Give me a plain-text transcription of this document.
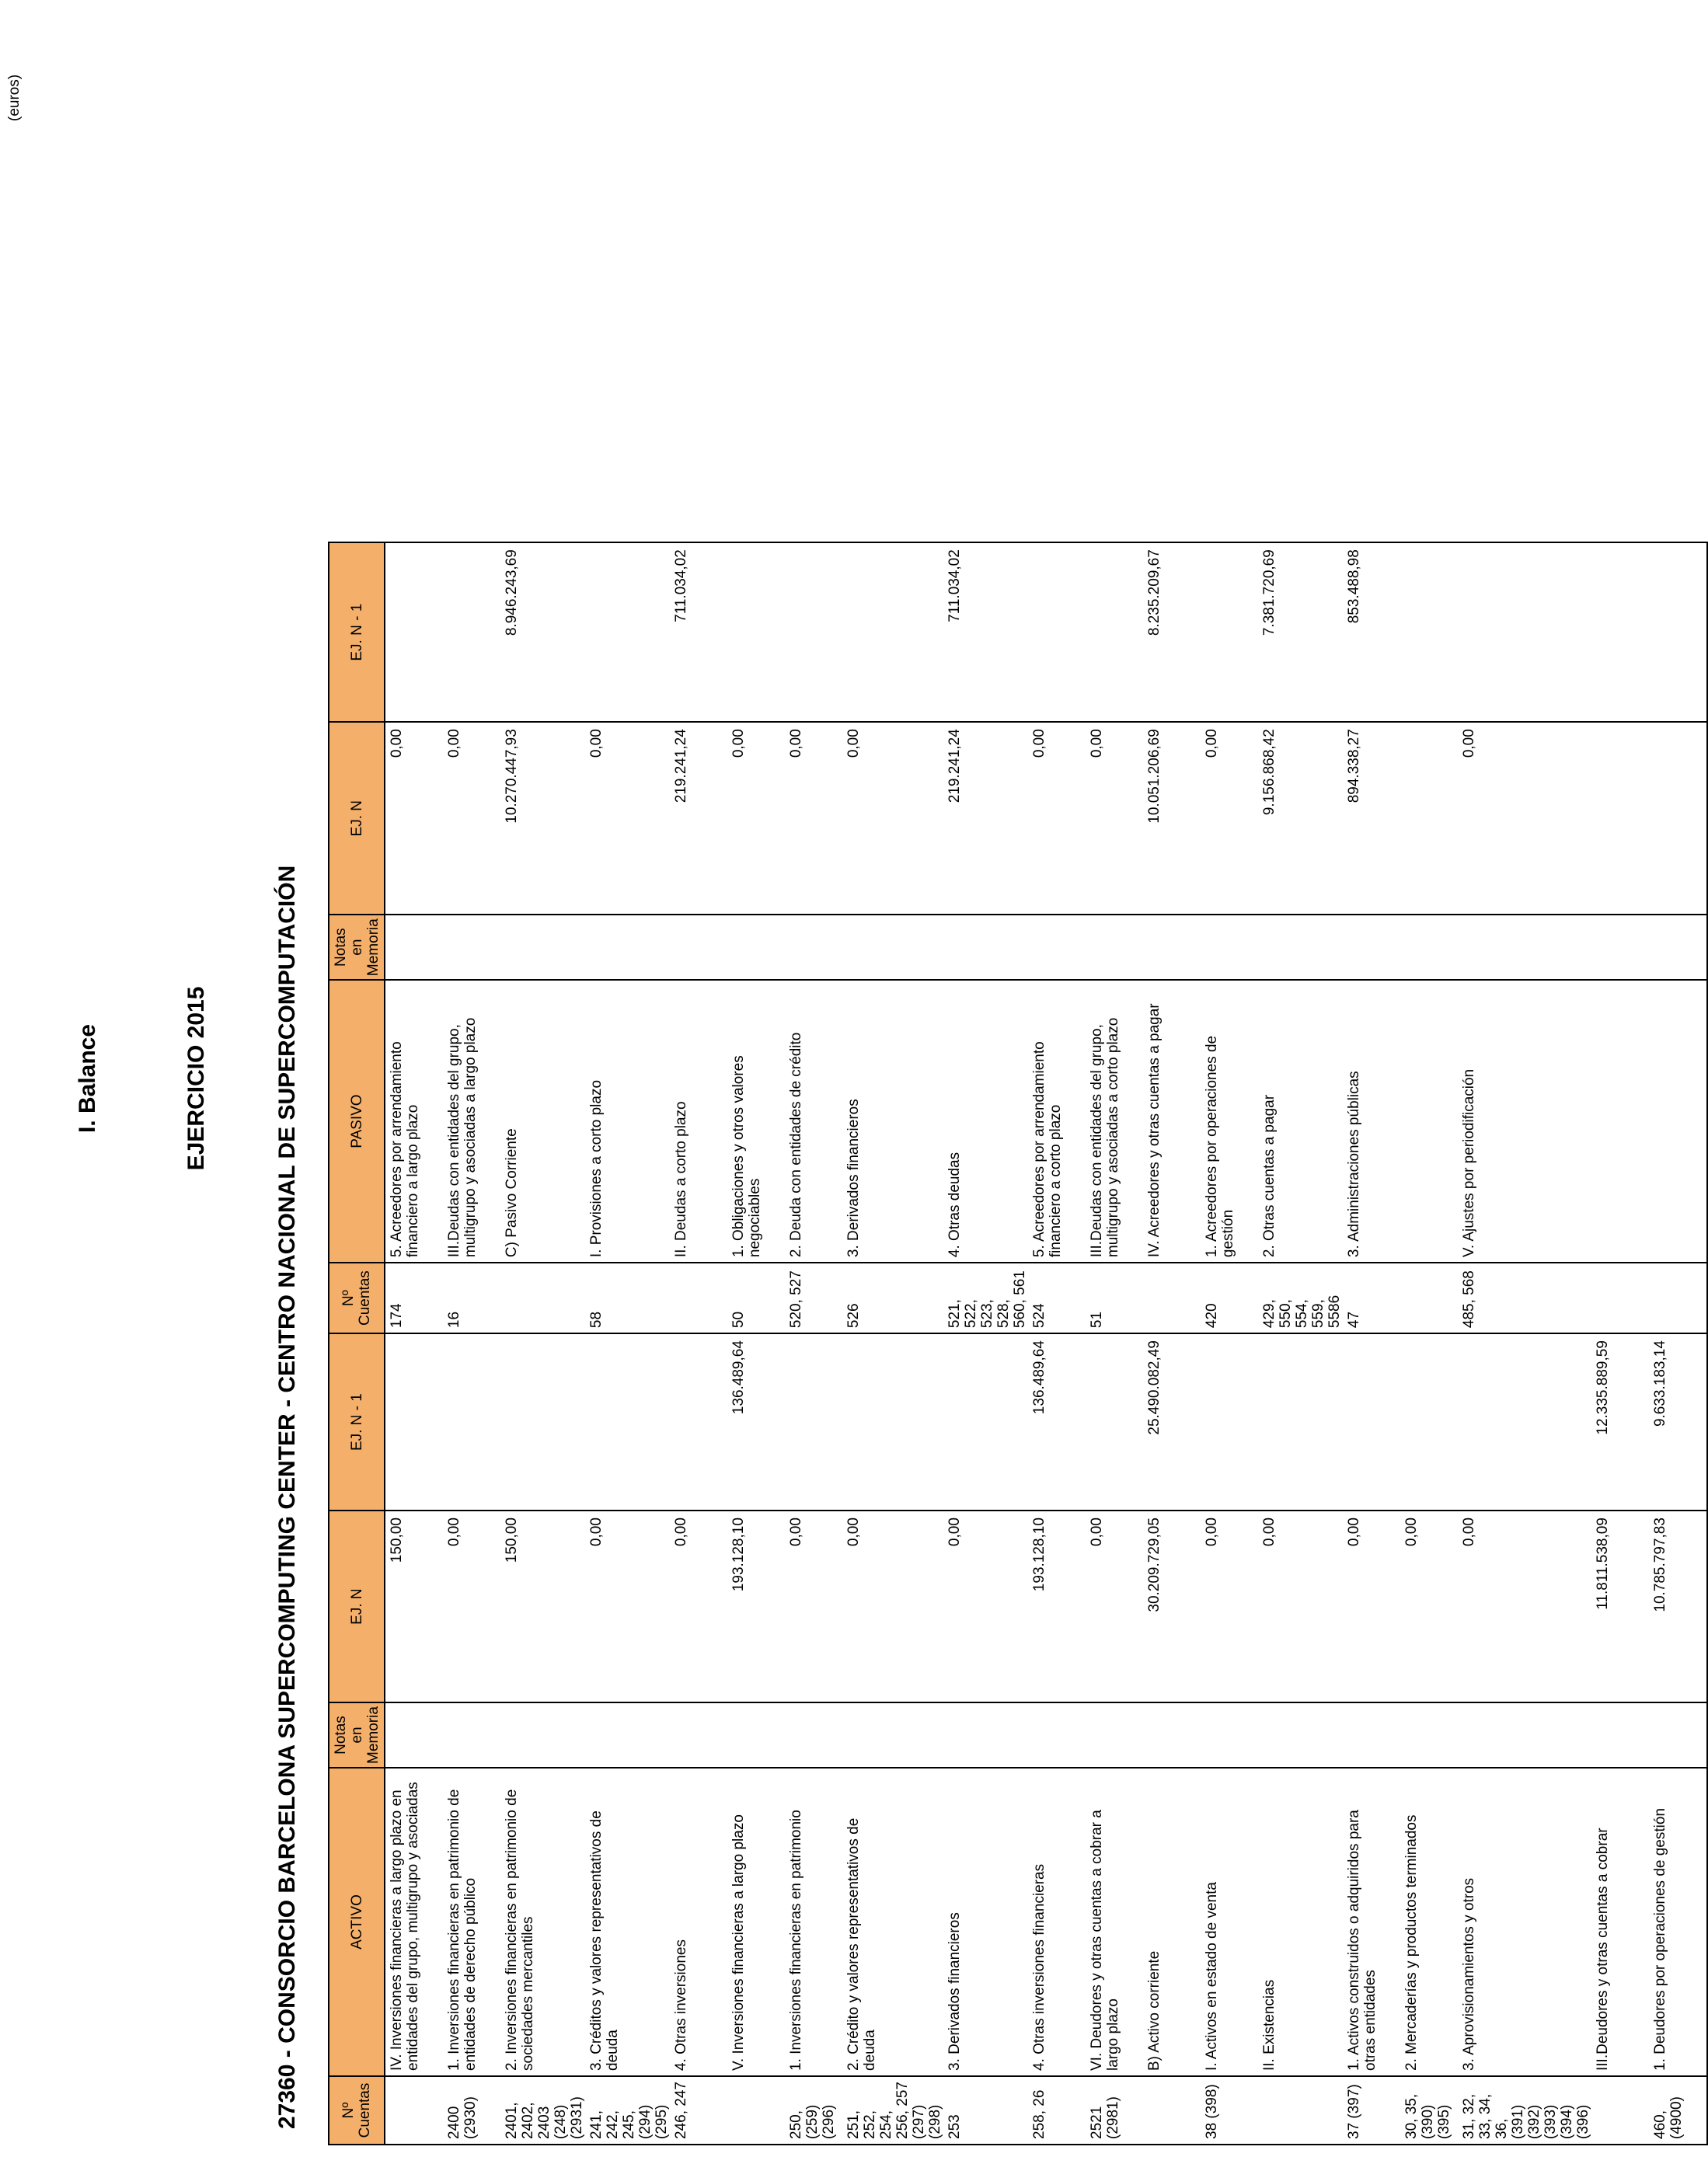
(euros)
I. Balance	EJERCICIO 2015	27360 - CONSORCIO BARCELONA SUPERCOMPUTING CENTER - CENTRO NACIONAL DE SUPERCOMPUTACIÓN	Nº Cuentas	ACTIVO	Notas en Memoria	EJ. N	EJ. N - 1	Nº Cuentas	PASIVO	Notas en Memoria	EJ. N	EJ. N - 1
	IV. Inversiones financieras a largo plazo en entidades del grupo, multigrupo y asociadas		150,00		174	5. Acreedores por arrendamiento financiero a largo plazo		0,00	
2400 (2930)	1. Inversiones financieras en patrimonio de entidades de derecho público		0,00		16	III.Deudas con entidades del grupo, multigrupo y asociadas a largo plazo		0,00	
2401, 2402, 2403 (248) (2931)	2. Inversiones financieras en patrimonio de sociedades mercantiles		150,00			C) Pasivo Corriente		10.270.447,93	8.946.243,69
241, 242, 245, (294) (295)	3. Créditos y valores representativos de deuda		0,00		58	I. Provisiones a corto plazo		0,00	
246, 247	4. Otras inversiones		0,00			II. Deudas a corto plazo		219.241,24	711.034,02
	V. Inversiones financieras a largo plazo		193.128,10	136.489,64	50	1. Obligaciones y otros valores negociables		0,00	
250, (259) (296)	1. Inversiones financieras en patrimonio		0,00		520, 527	2. Deuda con entidades de crédito		0,00	
251, 252, 254, 256, 257 (297) (298)	2. Crédito y valores representativos de deuda		0,00		526	3. Derivados financieros		0,00	
253	3. Derivados financieros		0,00		521, 522, 523, 528, 560, 561	4. Otras deudas		219.241,24	711.034,02
258, 26	4. Otras inversiones financieras		193.128,10	136.489,64	524	5. Acreedores por arrendamiento financiero a corto plazo		0,00	
2521 (2981)	VI. Deudores y otras cuentas a cobrar a largo plazo		0,00		51	III.Deudas con entidades del grupo, multigrupo y asociadas a corto plazo		0,00	
	B) Activo corriente		30.209.729,05	25.490.082,49		IV. Acreedores y otras cuentas a pagar		10.051.206,69	8.235.209,67
38 (398)	I. Activos en estado de venta		0,00		420	1. Acreedores por operaciones de gestión		0,00	
	II. Existencias		0,00		429, 550, 554, 559, 5586	2. Otras cuentas a pagar		9.156.868,42	7.381.720,69
37 (397)	1. Activos construidos o adquiridos para otras entidades		0,00		47	3. Administraciones públicas		894.338,27	853.488,98
30, 35, (390) (395)	2. Mercaderías y productos terminados		0,00						
31, 32, 33, 34, 36, (391) (392) (393) (394) (396)	3. Aprovisionamientos y otros		0,00		485, 568	V. Ajustes por periodificación		0,00	
	III.Deudores y otras cuentas a cobrar		11.811.538,09	12.335.889,59					
460, (4900)	1. Deudores por operaciones de gestión		10.785.797,83	9.633.183,14					
